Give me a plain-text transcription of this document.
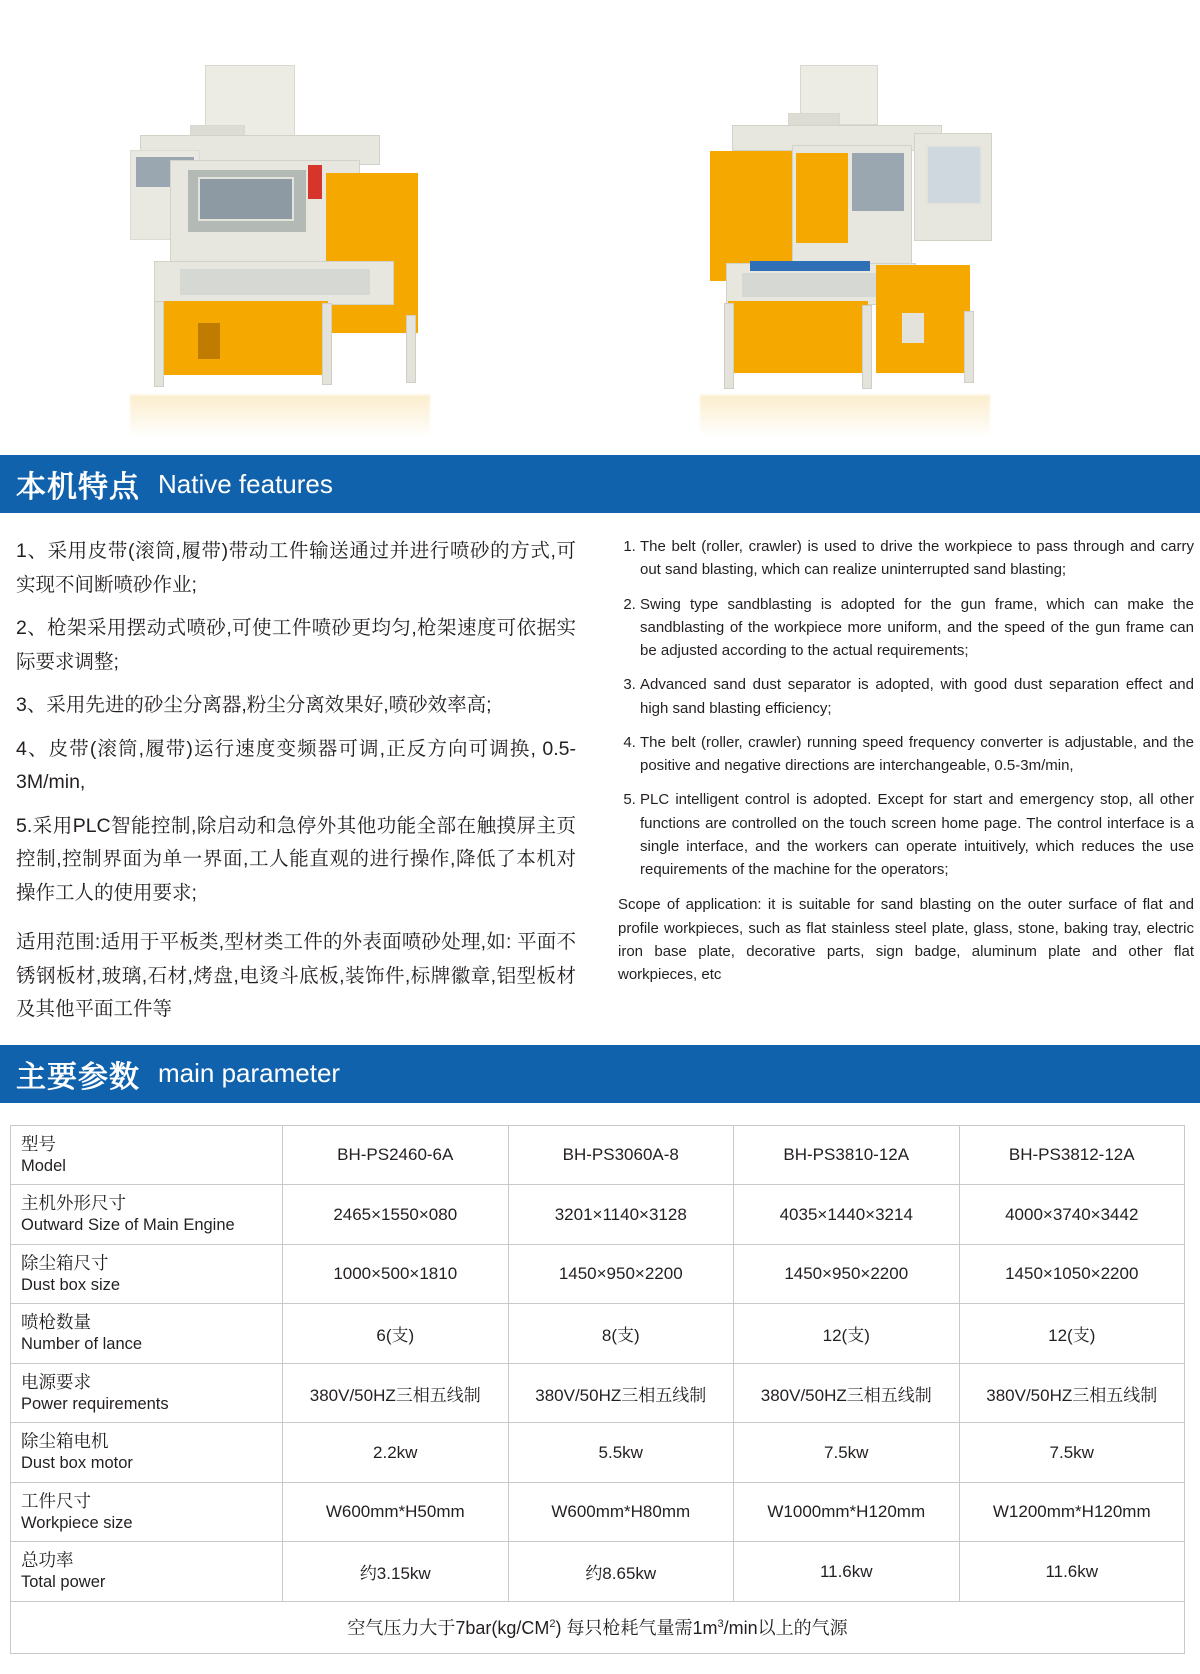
本机特点 Native features
1、采用皮带(滚筒,履带)带动工件输送通过并进行喷砂的方式,可实现不间断喷砂作业;
2、枪架采用摆动式喷砂,可使工件喷砂更均匀,枪架速度可依据实际要求调整;
3、采用先进的砂尘分离器,粉尘分离效果好,喷砂效率高;
4、皮带(滚筒,履带)运行速度变频器可调,正反方向可调换, 0.5-3M/min,
5.采用PLC智能控制,除启动和急停外其他功能全部在触摸屏主页控制,控制界面为单一界面,工人能直观的进行操作,降低了本机对操作工人的使用要求;
适用范围:适用于平板类,型材类工件的外表面喷砂处理,如: 平面不锈钢板材,玻璃,石材,烤盘,电烫斗底板,装饰件,标牌徽章,铝型板材及其他平面工件等
1. The belt (roller, crawler) is used to drive the workpiece to pass through and carry out sand blasting, which can realize uninterrupted sand blasting;
2. Swing type sandblasting is adopted for the gun frame, which can make the sandblasting of the workpiece more uniform, and the speed of the gun frame can be adjusted according to the actual requirements;
3. Advanced sand dust separator is adopted, with good dust separation effect and high sand blasting efficiency;
4. The belt (roller, crawler) running speed frequency converter is adjustable, and the positive and negative directions are interchangeable, 0.5-3m/min,
5. PLC intelligent control is adopted. Except for start and emergency stop, all other functions are controlled on the touch screen home page. The control interface is a single interface, and the workers can operate intuitively, which reduces the use requirements of the machine for the operators;
Scope of application: it is suitable for sand blasting on the outer surface of flat and profile workpieces, such as flat stainless steel plate, glass, stone, baking tray, electric iron base plate, decorative parts, sign badge, aluminum plate and other flat workpieces, etc
主要参数 main parameter
型号
Model	BH-PS2460-6A	BH-PS3060A-8	BH-PS3810-12A	BH-PS3812-12A

主机外形尺寸
Outward Size of Main Engine	2465×1550×080	3201×1140×3128	4035×1440×3214	4000×3740×3442

除尘箱尺寸
Dust box size	1000×500×1810	1450×950×2200	1450×950×2200	1450×1050×2200

喷枪数量
Number of lance	6(支)	8(支)	12(支)	12(支)

电源要求
Power requirements	380V/50HZ三相五线制	380V/50HZ三相五线制	380V/50HZ三相五线制	380V/50HZ三相五线制

除尘箱电机
Dust box motor	2.2kw	5.5kw	7.5kw	7.5kw

工件尺寸
Workpiece size	W600mm*H50mm	W600mm*H80mm	W1000mm*H120mm	W1200mm*H120mm

总功率
Total power	约3.15kw	约8.65kw	11.6kw	11.6kw
空气压力大于$7bar(kg/CM^2)$ 每只枪耗气量需$1m^3/\min$以上的气源				
